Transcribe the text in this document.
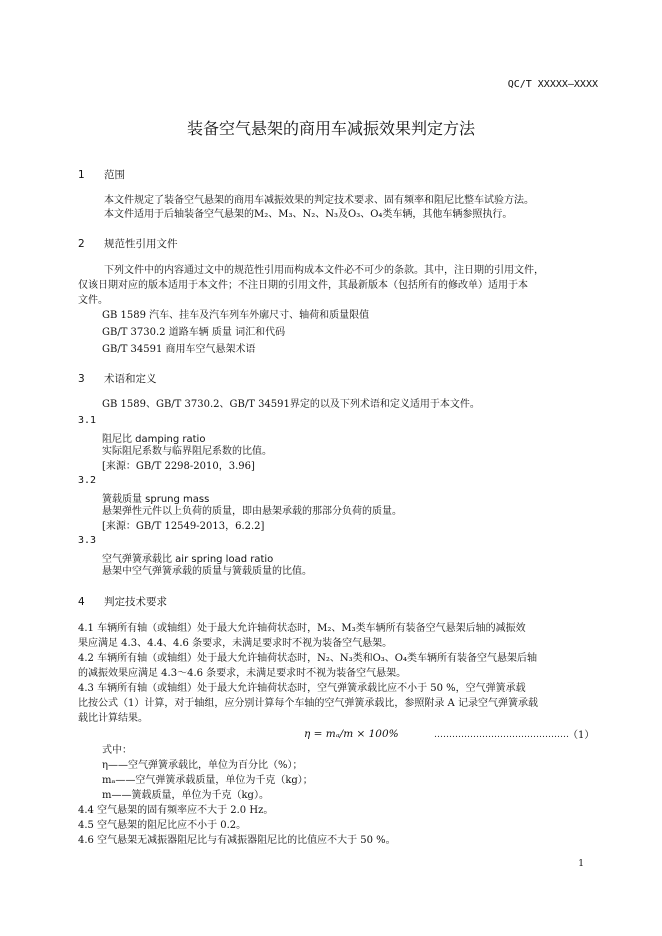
QC/T XXXXX—XXXX
装备空气悬架的商用车减振效果判定方法
1 范围
本文件规定了装备空气悬架的商用车减振效果的判定技术要求、固有频率和阻尼比整车试验方法。
本文件适用于后轴装备空气悬架的M₂、M₃、N₂、N₃及O₃、O₄类车辆，其他车辆参照执行。
2 规范性引用文件
下列文件中的内容通过文中的规范性引用而构成本文件必不可少的条款。其中，注日期的引用文件，
仅该日期对应的版本适用于本文件；不注日期的引用文件，其最新版本（包括所有的修改单）适用于本
文件。
GB 1589 汽车、挂车及汽车列车外廓尺寸、轴荷和质量限值
GB/T 3730.2 道路车辆 质量 词汇和代码
GB/T 34591 商用车空气悬架术语
3 术语和定义
GB 1589、GB/T 3730.2、GB/T 34591界定的以及下列术语和定义适用于本文件。
3.1
阻尼比 damping ratio
实际阻尼系数与临界阻尼系数的比值。
[来源：GB/T 2298-2010，3.96]
3.2
簧载质量 sprung mass
悬架弹性元件以上负荷的质量，即由悬架承载的那部分负荷的质量。
[来源：GB/T 12549-2013，6.2.2]
3.3
空气弹簧承载比 air spring load ratio
悬架中空气弹簧承载的质量与簧载质量的比值。
4 判定技术要求
4.1 车辆所有轴（或轴组）处于最大允许轴荷状态时，M₂、M₃类车辆所有装备空气悬架后轴的减振效
果应满足 4.3、4.4、4.6 条要求，未满足要求时不视为装备空气悬架。
4.2 车辆所有轴（或轴组）处于最大允许轴荷状态时，N₂、N₃类和O₃、O₄类车辆所有装备空气悬架后轴
的减振效果应满足 4.3～4.6 条要求，未满足要求时不视为装备空气悬架。
4.3 车辆所有轴（或轴组）处于最大允许轴荷状态时，空气弹簧承载比应不小于 50 %，空气弹簧承载
比按公式（1）计算，对于轴组，应分别计算每个车轴的空气弹簧承载比，参照附录 A 记录空气弹簧承载
载比计算结果。
η = mₐ/m × 100%	……………………………………… （1）
式中：
η——空气弹簧承载比，单位为百分比（%）；
mₐ——空气弹簧承载质量，单位为千克（kg）；
m——簧载质量，单位为千克（kg）。
4.4 空气悬架的固有频率应不大于 2.0 Hz。
4.5 空气悬架的阻尼比应不小于 0.2。
4.6 空气悬架无减振器阻尼比与有减振器阻尼比的比值应不大于 50 %。
1
